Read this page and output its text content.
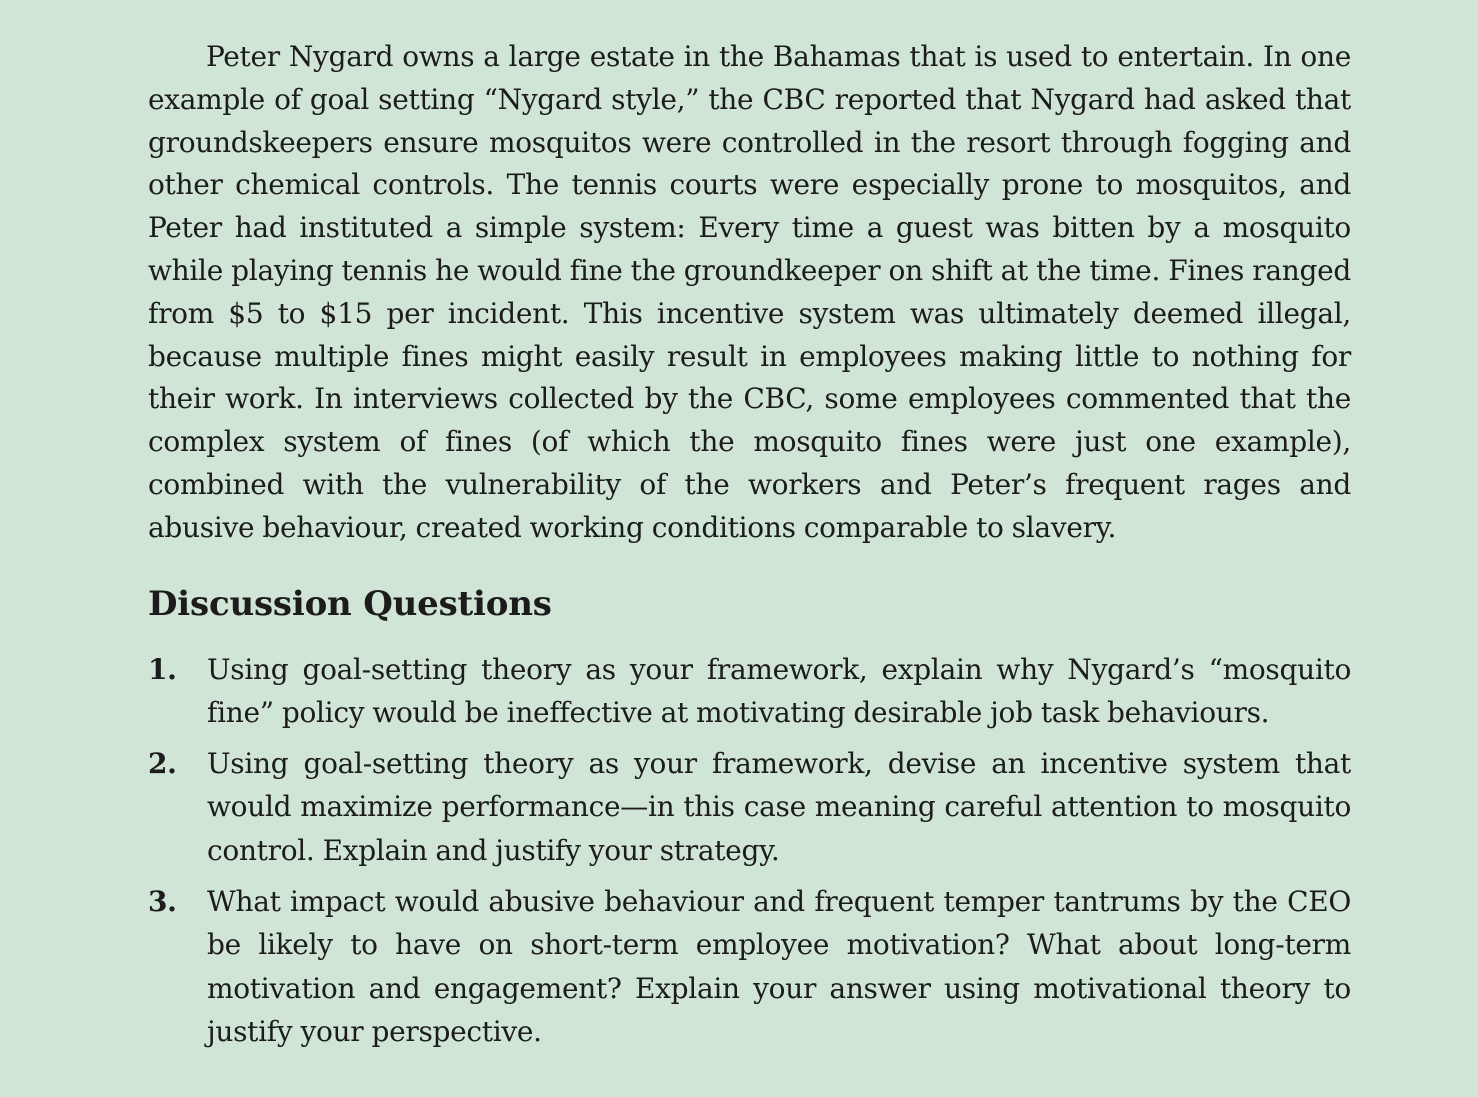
Peter Nygard owns a large estate in the Bahamas that is used to entertain. In one example of goal setting “Nygard style,” the CBC reported that Nygard had asked that groundskeepers ensure mosquitos were controlled in the resort through fogging and other chemical controls. The tennis courts were especially prone to mosquitos, and Peter had instituted a simple system: Every time a guest was bitten by a mosquito while playing tennis he would fine the groundkeeper on shift at the time. Fines ranged from $5 to $15 per incident. This incentive system was ultimately deemed illegal, because multiple fines might easily result in employees making little to nothing for their work. In interviews collected by the CBC, some employees commented that the complex system of fines (of which the mosquito fines were just one example), combined with the vulnerability of the workers and Peter’s frequent rages and abusive behaviour, created working conditions comparable to slavery.

Discussion Questions
1. Using goal-setting theory as your framework, explain why Nygard’s “mosquito fine” policy would be ineffective at motivating desirable job task behaviours.
2. Using goal-setting theory as your framework, devise an incentive system that would maximize performance—in this case meaning careful attention to mosquito control. Explain and justify your strategy.
3. What impact would abusive behaviour and frequent temper tantrums by the CEO be likely to have on short-term employee motivation? What about long-term motivation and engagement? Explain your answer using motivational theory to justify your perspective.
